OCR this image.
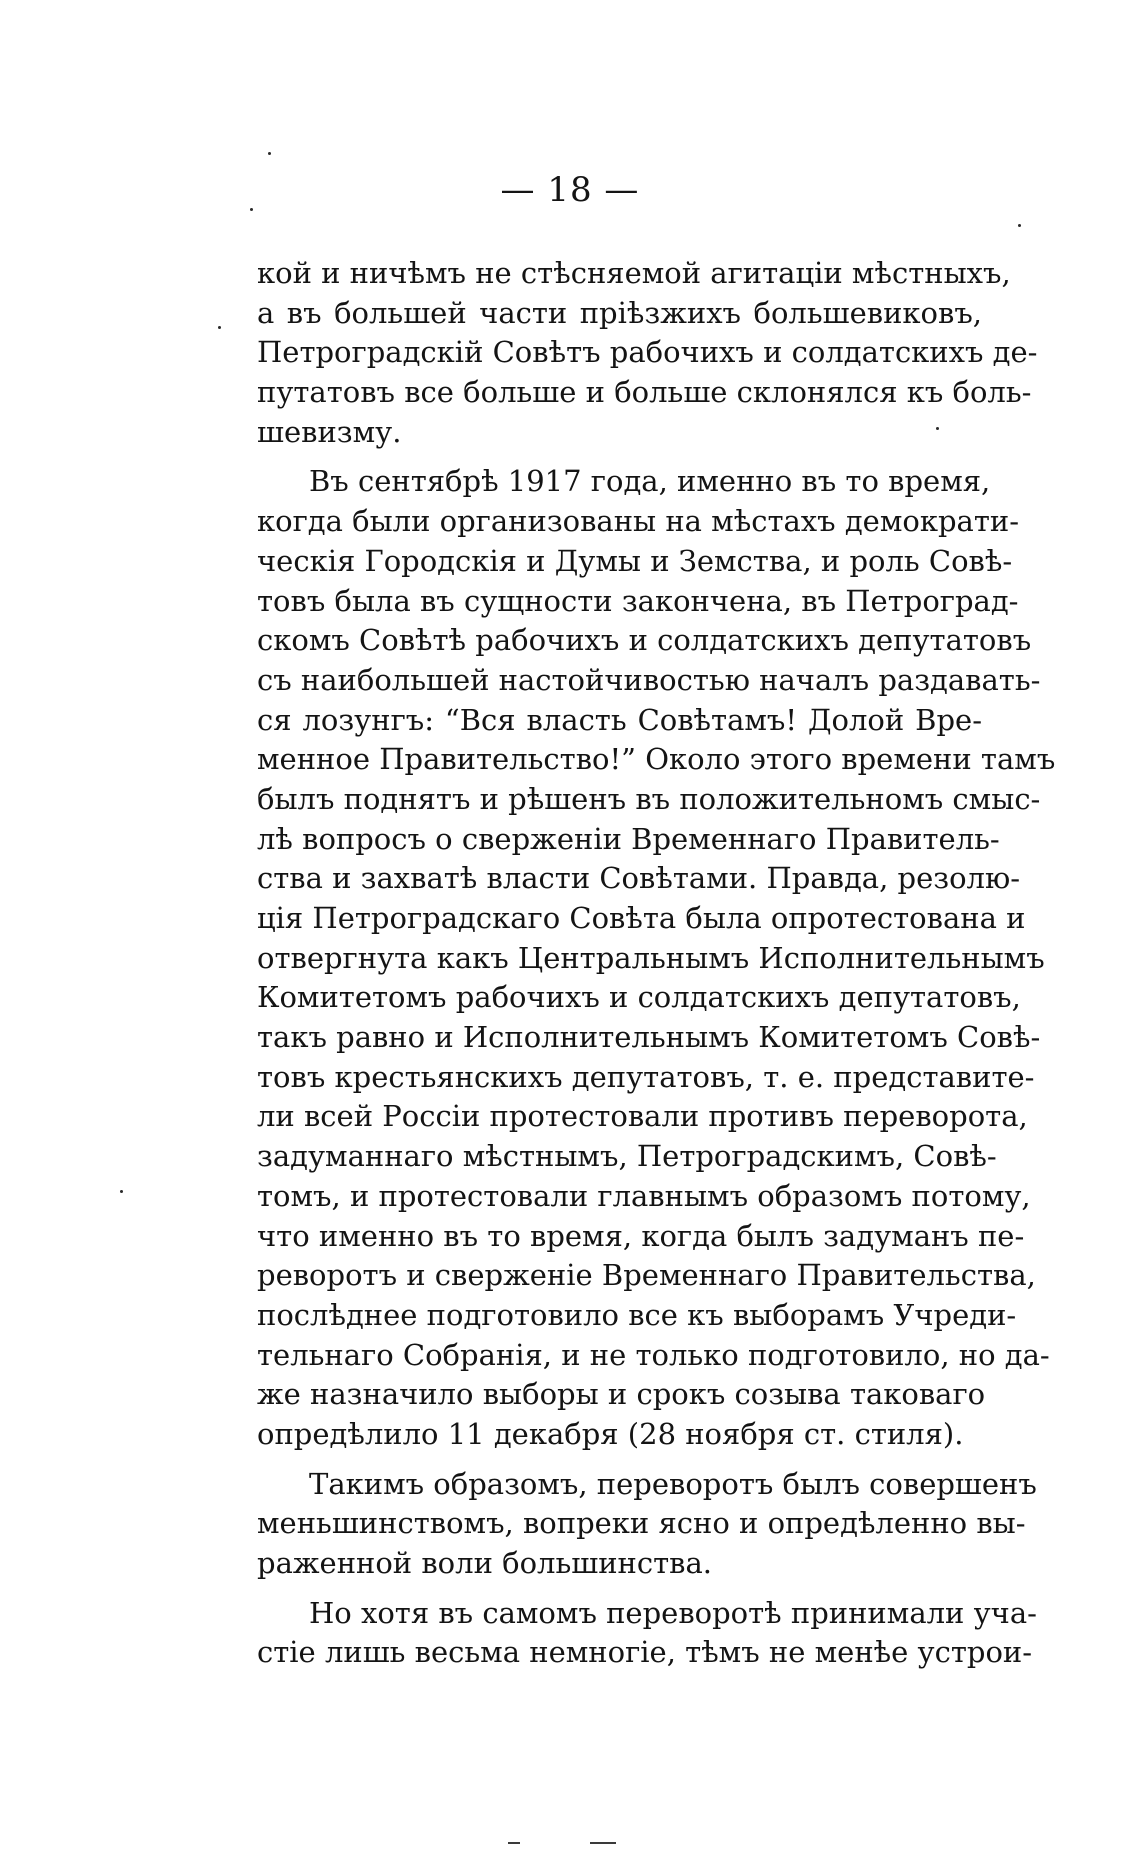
— 18 —
кой и ничѣмъ не стѣсняемой агитаціи мѣстныхъ,
а въ большей части пріѣзжихъ большевиковъ,
Петроградскій Совѣтъ рабочихъ и солдатскихъ де-
путатовъ все больше и больше склонялся къ боль-
шевизму.
Въ сентябрѣ 1917 года, именно въ то время,
когда были организованы на мѣстахъ демократи-
ческія Городскія и Думы и Земства, и роль Совѣ-
товъ была въ сущности закончена, въ Петроград-
скомъ Совѣтѣ рабочихъ и солдатскихъ депутатовъ
съ наибольшей настойчивостью началъ раздавать-
ся лозунгъ: “Вся власть Совѣтамъ! Долой Вре-
менное Правительство!” Около этого времени тамъ
былъ поднятъ и рѣшенъ въ положительномъ смыс-
лѣ вопросъ о сверженіи Временнаго Правитель-
ства и захватѣ власти Совѣтами. Правда, резолю-
ція Петроградскаго Совѣта была опротестована и
отвергнута какъ Центральнымъ Исполнительнымъ
Комитетомъ рабочихъ и солдатскихъ депутатовъ,
такъ равно и Исполнительнымъ Комитетомъ Совѣ-
товъ крестьянскихъ депутатовъ, т. е. представите-
ли всей Россіи протестовали противъ переворота,
задуманнаго мѣстнымъ, Петроградскимъ, Совѣ-
томъ, и протестовали главнымъ образомъ потому,
что именно въ то время, когда былъ задуманъ пе-
реворотъ и сверженіе Временнаго Правительства,
послѣднее подготовило все къ выборамъ Учреди-
тельнаго Собранія, и не только подготовило, но да-
же назначило выборы и срокъ созыва таковаго
опредѣлило 11 декабря (28 ноября ст. стиля).
Такимъ образомъ, переворотъ былъ совершенъ
меньшинствомъ, вопреки ясно и опредѣленно вы-
раженной воли большинства.
Но хотя въ самомъ переворотѣ принимали уча-
стіе лишь весьма немногіе, тѣмъ не менѣе устрои-
